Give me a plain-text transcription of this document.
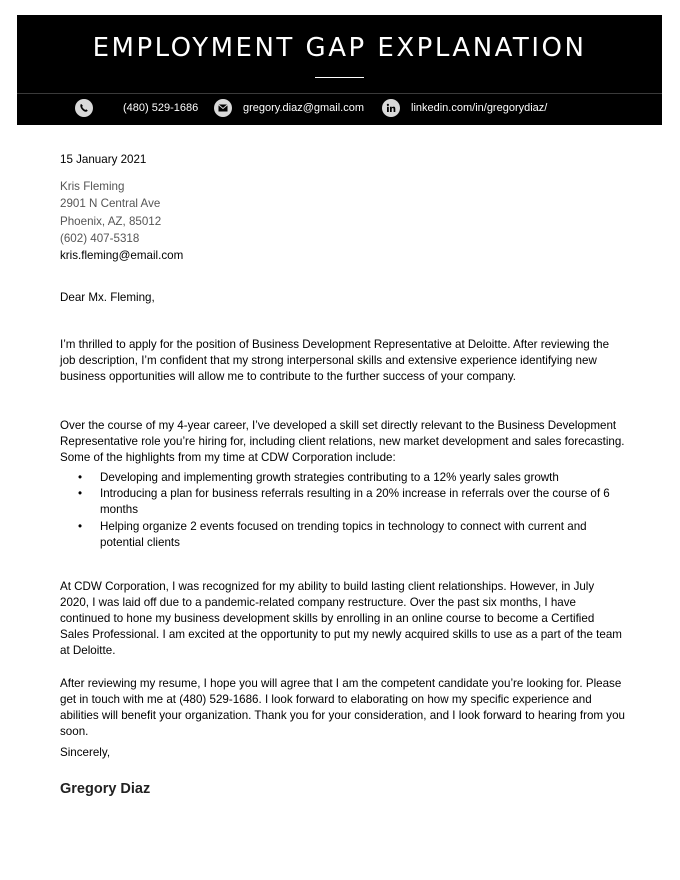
EMPLOYMENT GAP EXPLANATION
(480) 529-1686	gregory.diaz@gmail.com	linkedin.com/in/gregorydiaz/
15 January 2021
Kris Fleming
2901 N Central Ave
Phoenix, AZ, 85012
(602) 407-5318
kris.fleming@email.com
Dear Mx. Fleming,

I’m thrilled to apply for the position of Business Development Representative at Deloitte. After reviewing the job description, I’m confident that my strong interpersonal skills and extensive experience identifying new business opportunities will allow me to contribute to the further success of your company.

Over the course of my 4-year career, I’ve developed a skill set directly relevant to the Business Development Representative role you’re hiring for, including client relations, new market development and sales forecasting. Some of the highlights from my time at CDW Corporation include:

• Developing and implementing growth strategies contributing to a 12% yearly sales growth
• Introducing a plan for business referrals resulting in a 20% increase in referrals over the course of 6 months
• Helping organize 2 events focused on trending topics in technology to connect with current and potential clients

At CDW Corporation, I was recognized for my ability to build lasting client relationships. However, in July 2020, I was laid off due to a pandemic-related company restructure. Over the past six months, I have continued to hone my business development skills by enrolling in an online course to become a Certified Sales Professional. I am excited at the opportunity to put my newly acquired skills to use as a part of the team at Deloitte.

After reviewing my resume, I hope you will agree that I am the competent candidate you’re looking for. Please get in touch with me at (480) 529-1686. I look forward to elaborating on how my specific experience and abilities will benefit your organization. Thank you for your consideration, and I look forward to hearing from you soon.

Sincerely,
Gregory Diaz
